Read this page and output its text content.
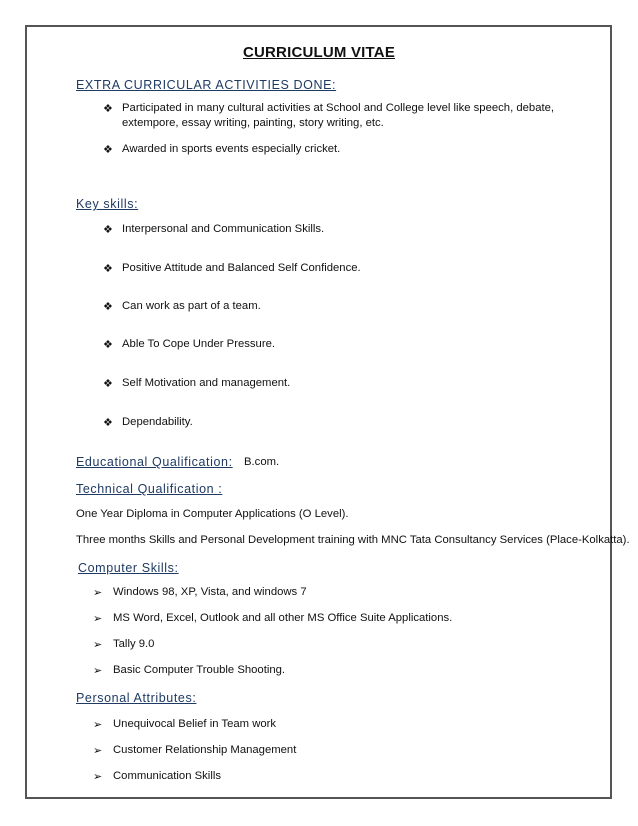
CURRICULUM VITAE
EXTRA CURRICULAR ACTIVITIES DONE:
❖ Participated in many cultural activities at School and College level like speech, debate, extempore, essay writing, painting, story writing, etc.
❖ Awarded in sports events especially cricket.
Key skills:
❖ Interpersonal and Communication Skills.
❖ Positive Attitude and Balanced Self Confidence.
❖ Can work as part of a team.
❖ Able To Cope Under Pressure.
❖ Self Motivation and management.
❖ Dependability.
Educational Qualification: B.com.
Technical Qualification :
One Year Diploma in Computer Applications (O Level).
Three months Skills and Personal Development training with MNC Tata Consultancy Services (Place-Kolkatta).
Computer Skills:
➢ Windows 98, XP, Vista, and windows 7
➢ MS Word, Excel, Outlook and all other MS Office Suite Applications.
➢ Tally 9.0
➢ Basic Computer Trouble Shooting.
Personal Attributes:
➢ Unequivocal Belief in Team work
➢ Customer Relationship Management
➢ Communication Skills
